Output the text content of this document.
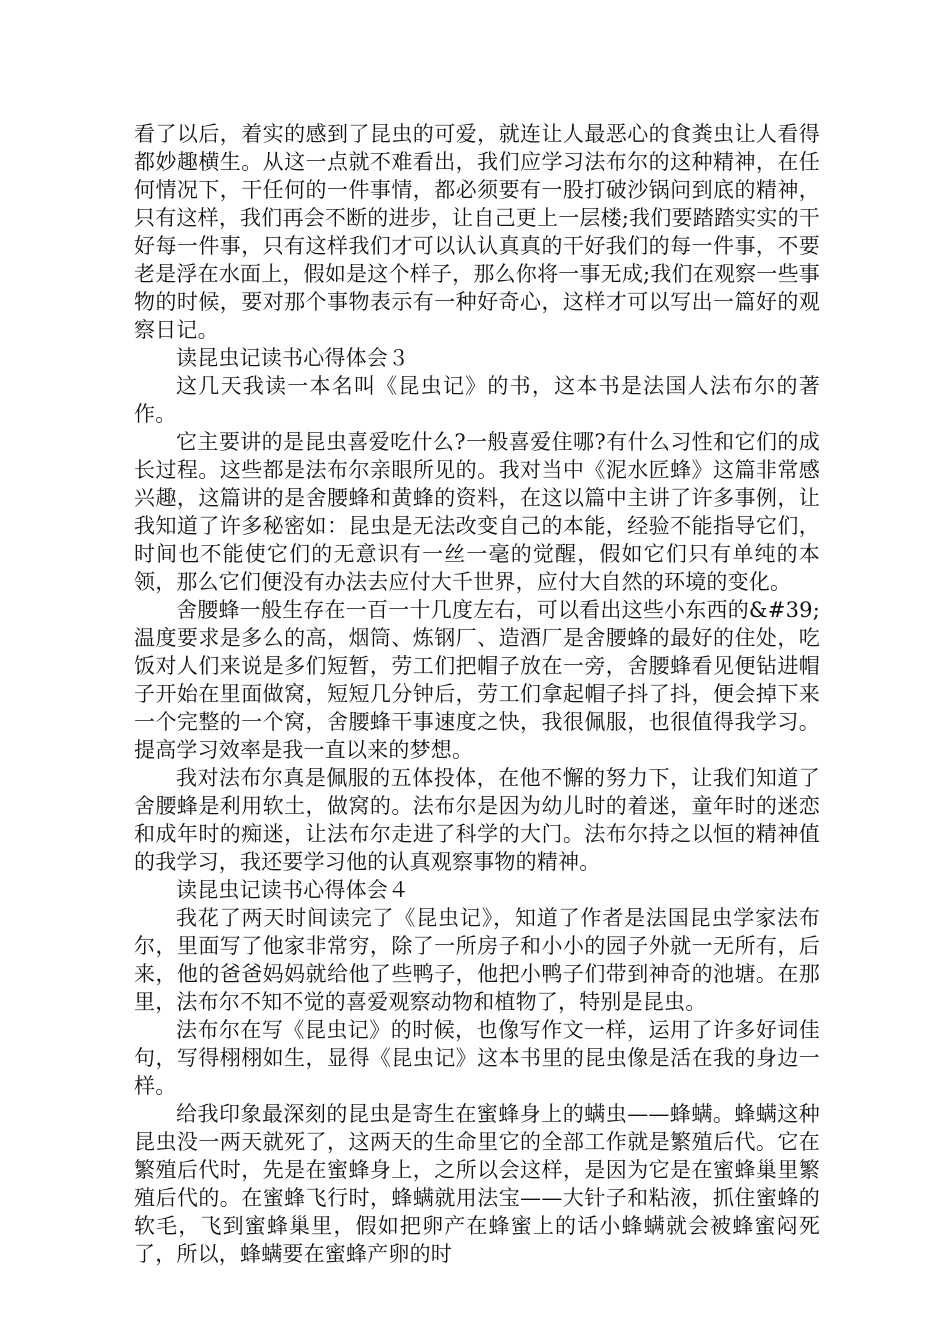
看了以后，着实的感到了昆虫的可爱，就连让人最恶心的食粪虫让人看得都妙趣横生。从这一点就不难看出，我们应学习法布尔的这种精神，在任何情况下，干任何的一件事情，都必须要有一股打破沙锅问到底的精神，只有这样，我们再会不断的进步，让自己更上一层楼;我们要踏踏实实的干好每一件事，只有这样我们才可以认认真真的干好我们的每一件事，不要老是浮在水面上，假如是这个样子，那么你将一事无成;我们在观察一些事物的时候，要对那个事物表示有一种好奇心，这样才可以写出一篇好的观察日记。

读昆虫记读书心得体会３

这几天我读一本名叫《昆虫记》的书，这本书是法国人法布尔的著作。

它主要讲的是昆虫喜爱吃什么?一般喜爱住哪?有什么习性和它们的成长过程。这些都是法布尔亲眼所见的。我对当中《泥水匠蜂》这篇非常感兴趣，这篇讲的是舍腰蜂和黄蜂的资料，在这以篇中主讲了许多事例，让我知道了许多秘密如：昆虫是无法改变自己的本能，经验不能指导它们，时间也不能使它们的无意识有一丝一毫的觉醒，假如它们只有单纯的本领，那么它们便没有办法去应付大千世界，应付大自然的环境的变化。

舍腰蜂一般生存在一百一十几度左右，可以看出这些小东西的&#39;温度要求是多么的高，烟筒、炼钢厂、造酒厂是舍腰蜂的最好的住处，吃饭对人们来说是多们短暂，劳工们把帽子放在一旁，舍腰蜂看见便钻进帽子开始在里面做窝，短短几分钟后，劳工们拿起帽子抖了抖，便会掉下来一个完整的一个窝，舍腰蜂干事速度之快，我很佩服，也很值得我学习。提高学习效率是我一直以来的梦想。

我对法布尔真是佩服的五体投体，在他不懈的努力下，让我们知道了舍腰蜂是利用软土，做窝的。法布尔是因为幼儿时的着迷，童年时的迷恋和成年时的痴迷，让法布尔走进了科学的大门。法布尔持之以恒的精神值的我学习，我还要学习他的认真观察事物的精神。

读昆虫记读书心得体会４

我花了两天时间读完了《昆虫记》，知道了作者是法国昆虫学家法布尔，里面写了他家非常穷，除了一所房子和小小的园子外就一无所有，后来，他的爸爸妈妈就给他了些鸭子，他把小鸭子们带到神奇的池塘。在那里，法布尔不知不觉的喜爱观察动物和植物了，特别是昆虫。

法布尔在写《昆虫记》的时候，也像写作文一样，运用了许多好词佳句，写得栩栩如生，显得《昆虫记》这本书里的昆虫像是活在我的身边一样。

给我印象最深刻的昆虫是寄生在蜜蜂身上的螨虫——蜂螨。蜂螨这种昆虫没一两天就死了，这两天的生命里它的全部工作就是繁殖后代。它在繁殖后代时，先是在蜜蜂身上，之所以会这样，是因为它是在蜜蜂巢里繁殖后代的。在蜜蜂飞行时，蜂螨就用法宝——大针子和粘液，抓住蜜蜂的软毛，飞到蜜蜂巢里，假如把卵产在蜂蜜上的话小蜂螨就会被蜂蜜闷死了，所以，蜂螨要在蜜蜂产卵的时
